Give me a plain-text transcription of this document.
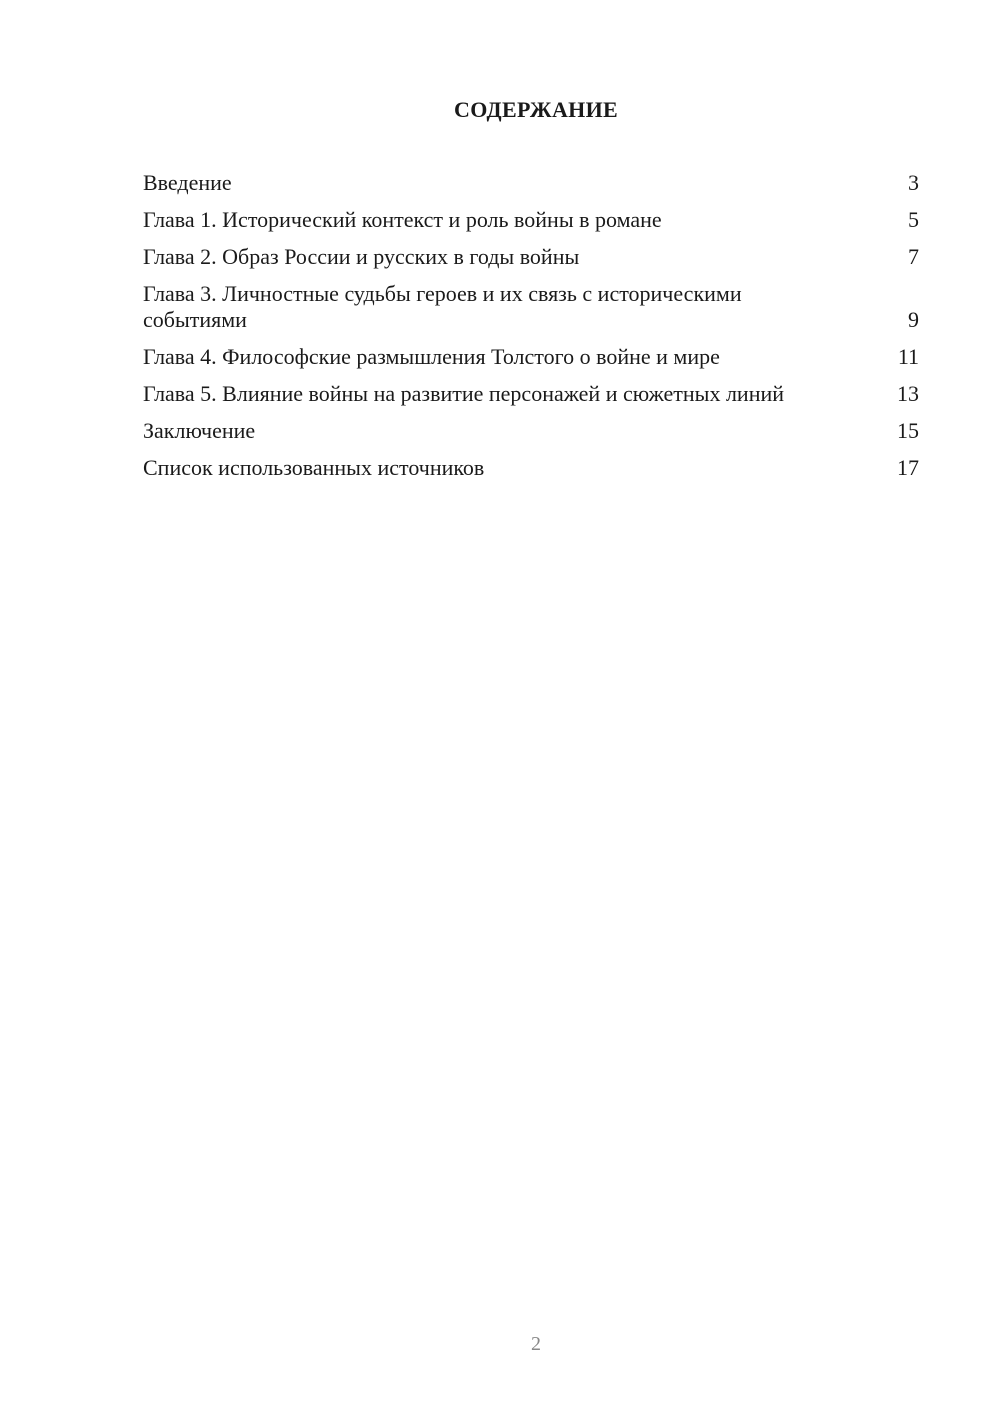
СОДЕРЖАНИЕ
Введение	3
Глава 1. Исторический контекст и роль войны в романе	5
Глава 2. Образ России и русских в годы войны	7
Глава 3. Личностные судьбы героев и их связь с историческими событиями	9
Глава 4. Философские размышления Толстого о войне и мире	11
Глава 5. Влияние войны на развитие персонажей и сюжетных линий	13
Заключение	15
Список использованных источников	17
2
